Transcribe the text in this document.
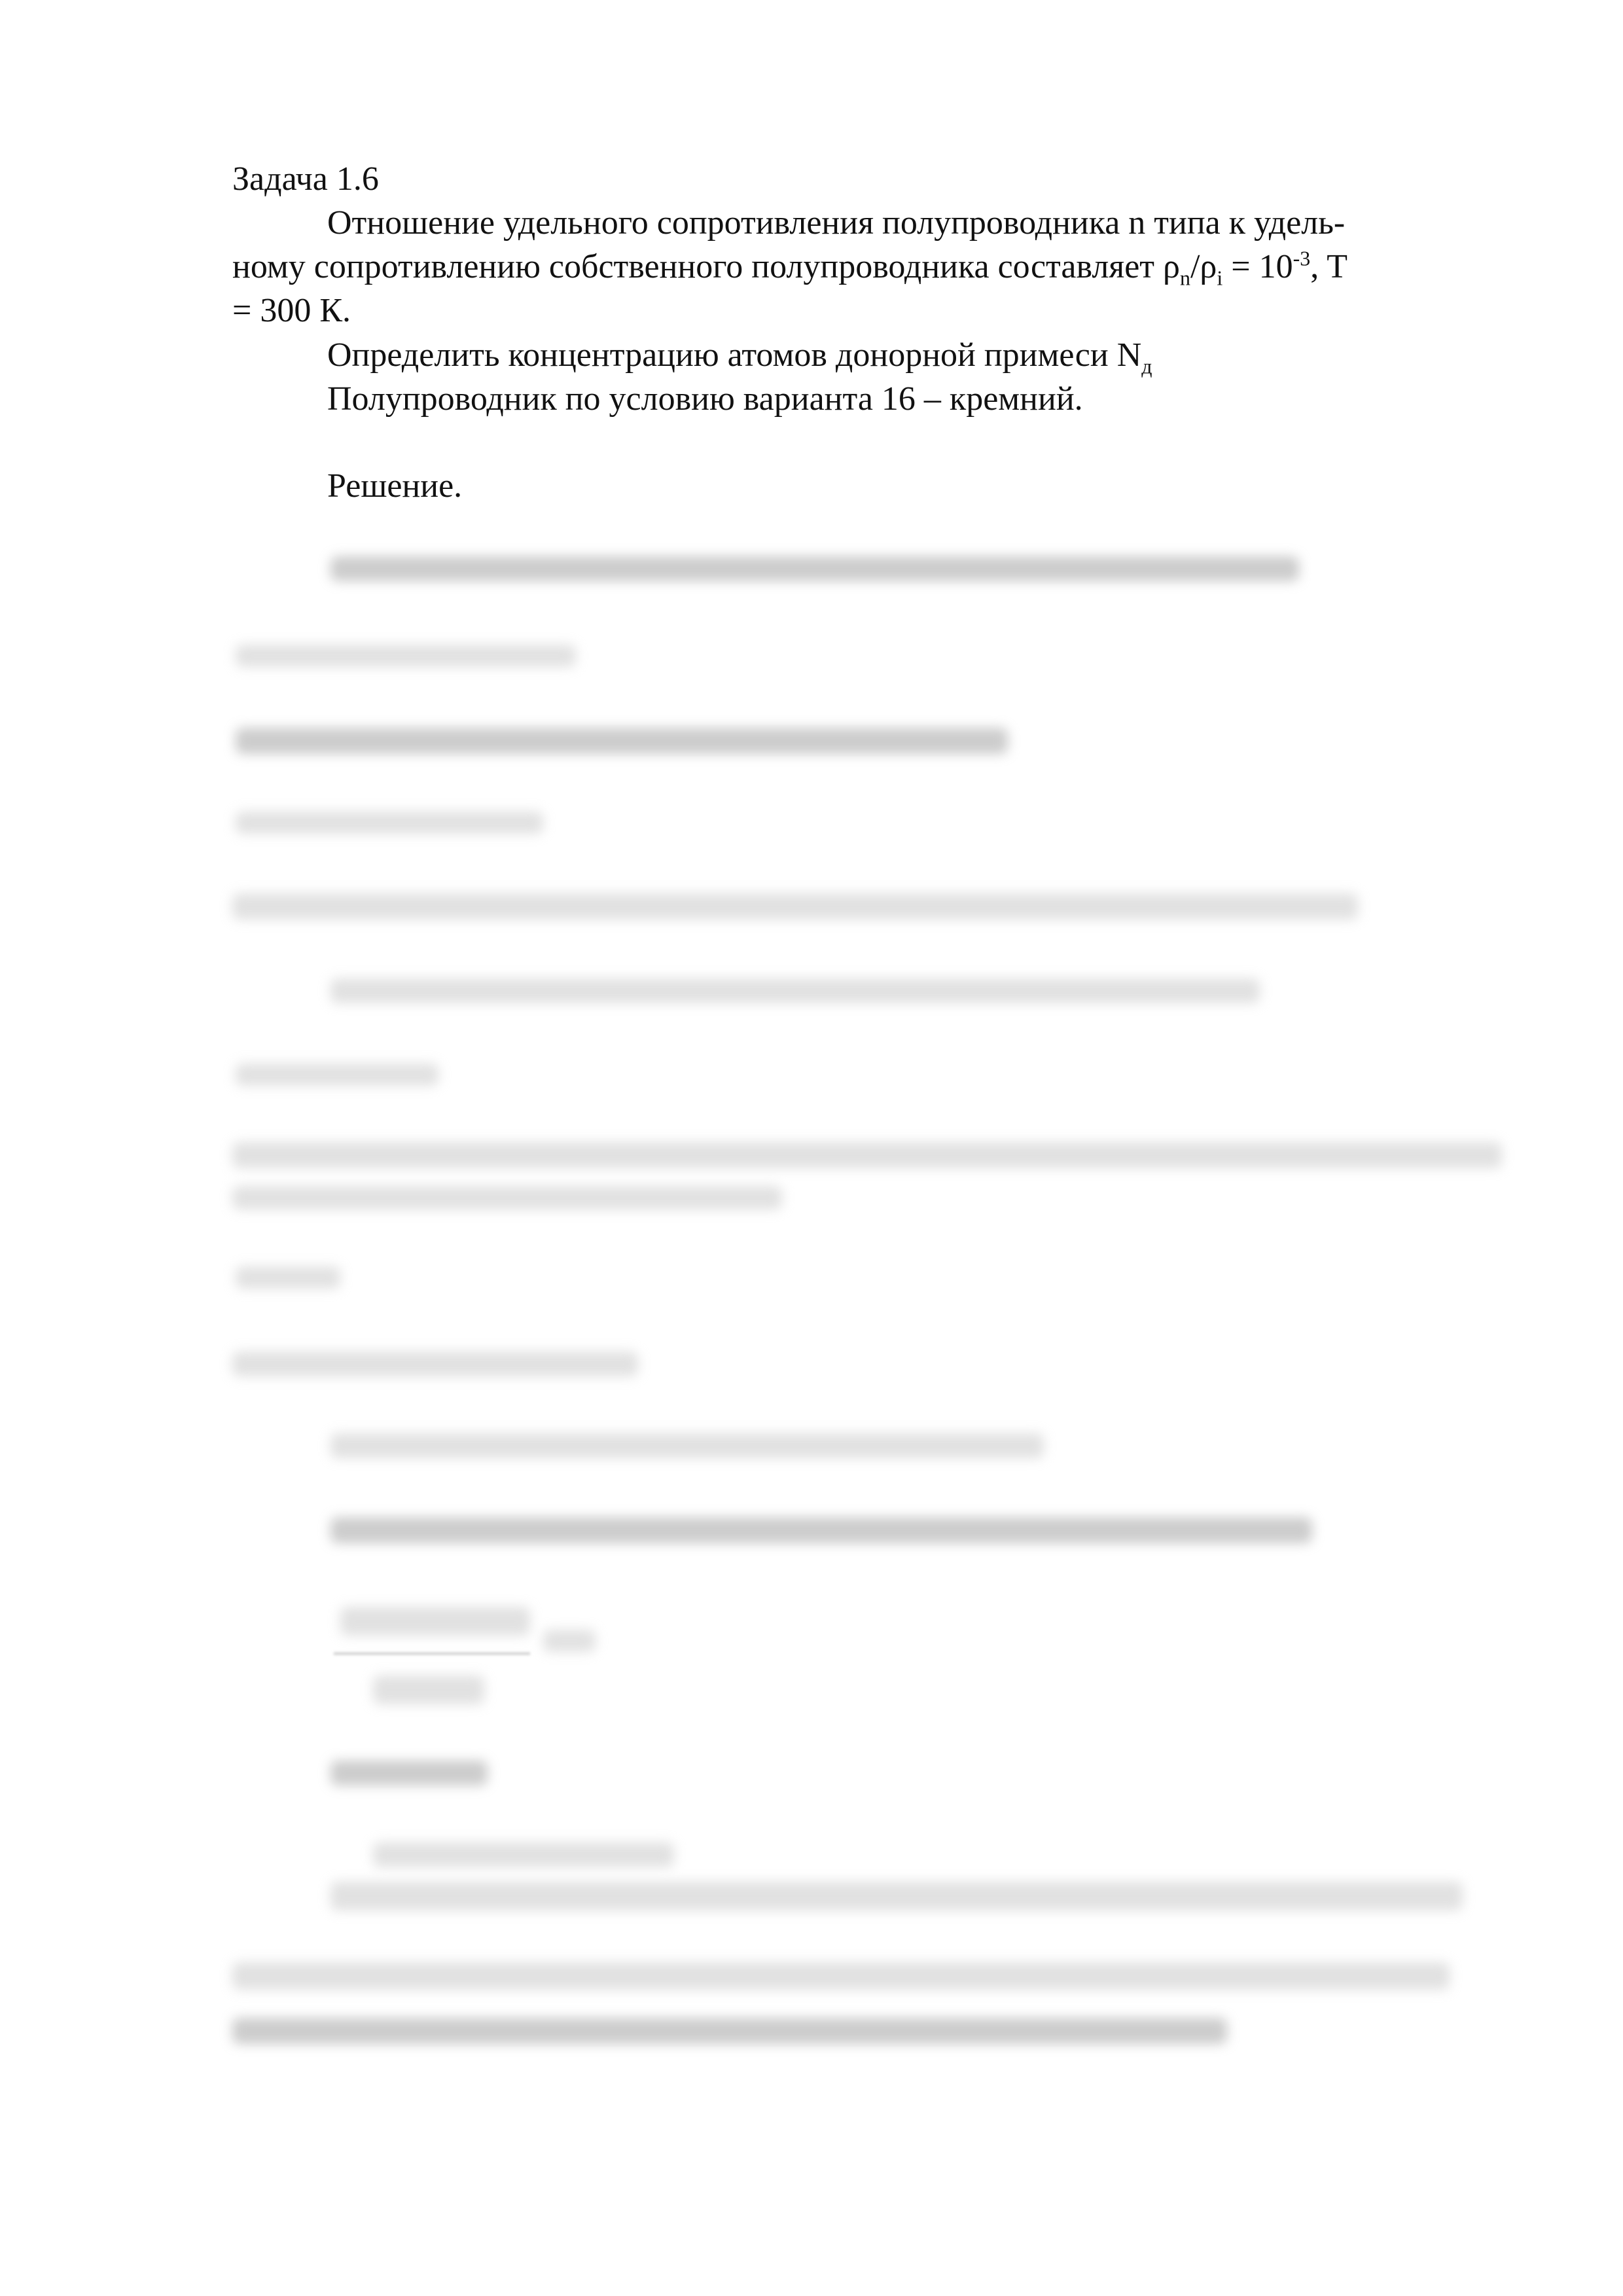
Задача 1.6
Отношение удельного сопротивления полупроводника n типа к удель-
ному сопротивлению собственного полупроводника составляет $\rho_n/\rho_i = 10^{-3}$, T
= 300 К.
Определить концентрацию атомов донорной примеси $N_д$
Полупроводник по условию варианта 16 – кремний.
Решение.
